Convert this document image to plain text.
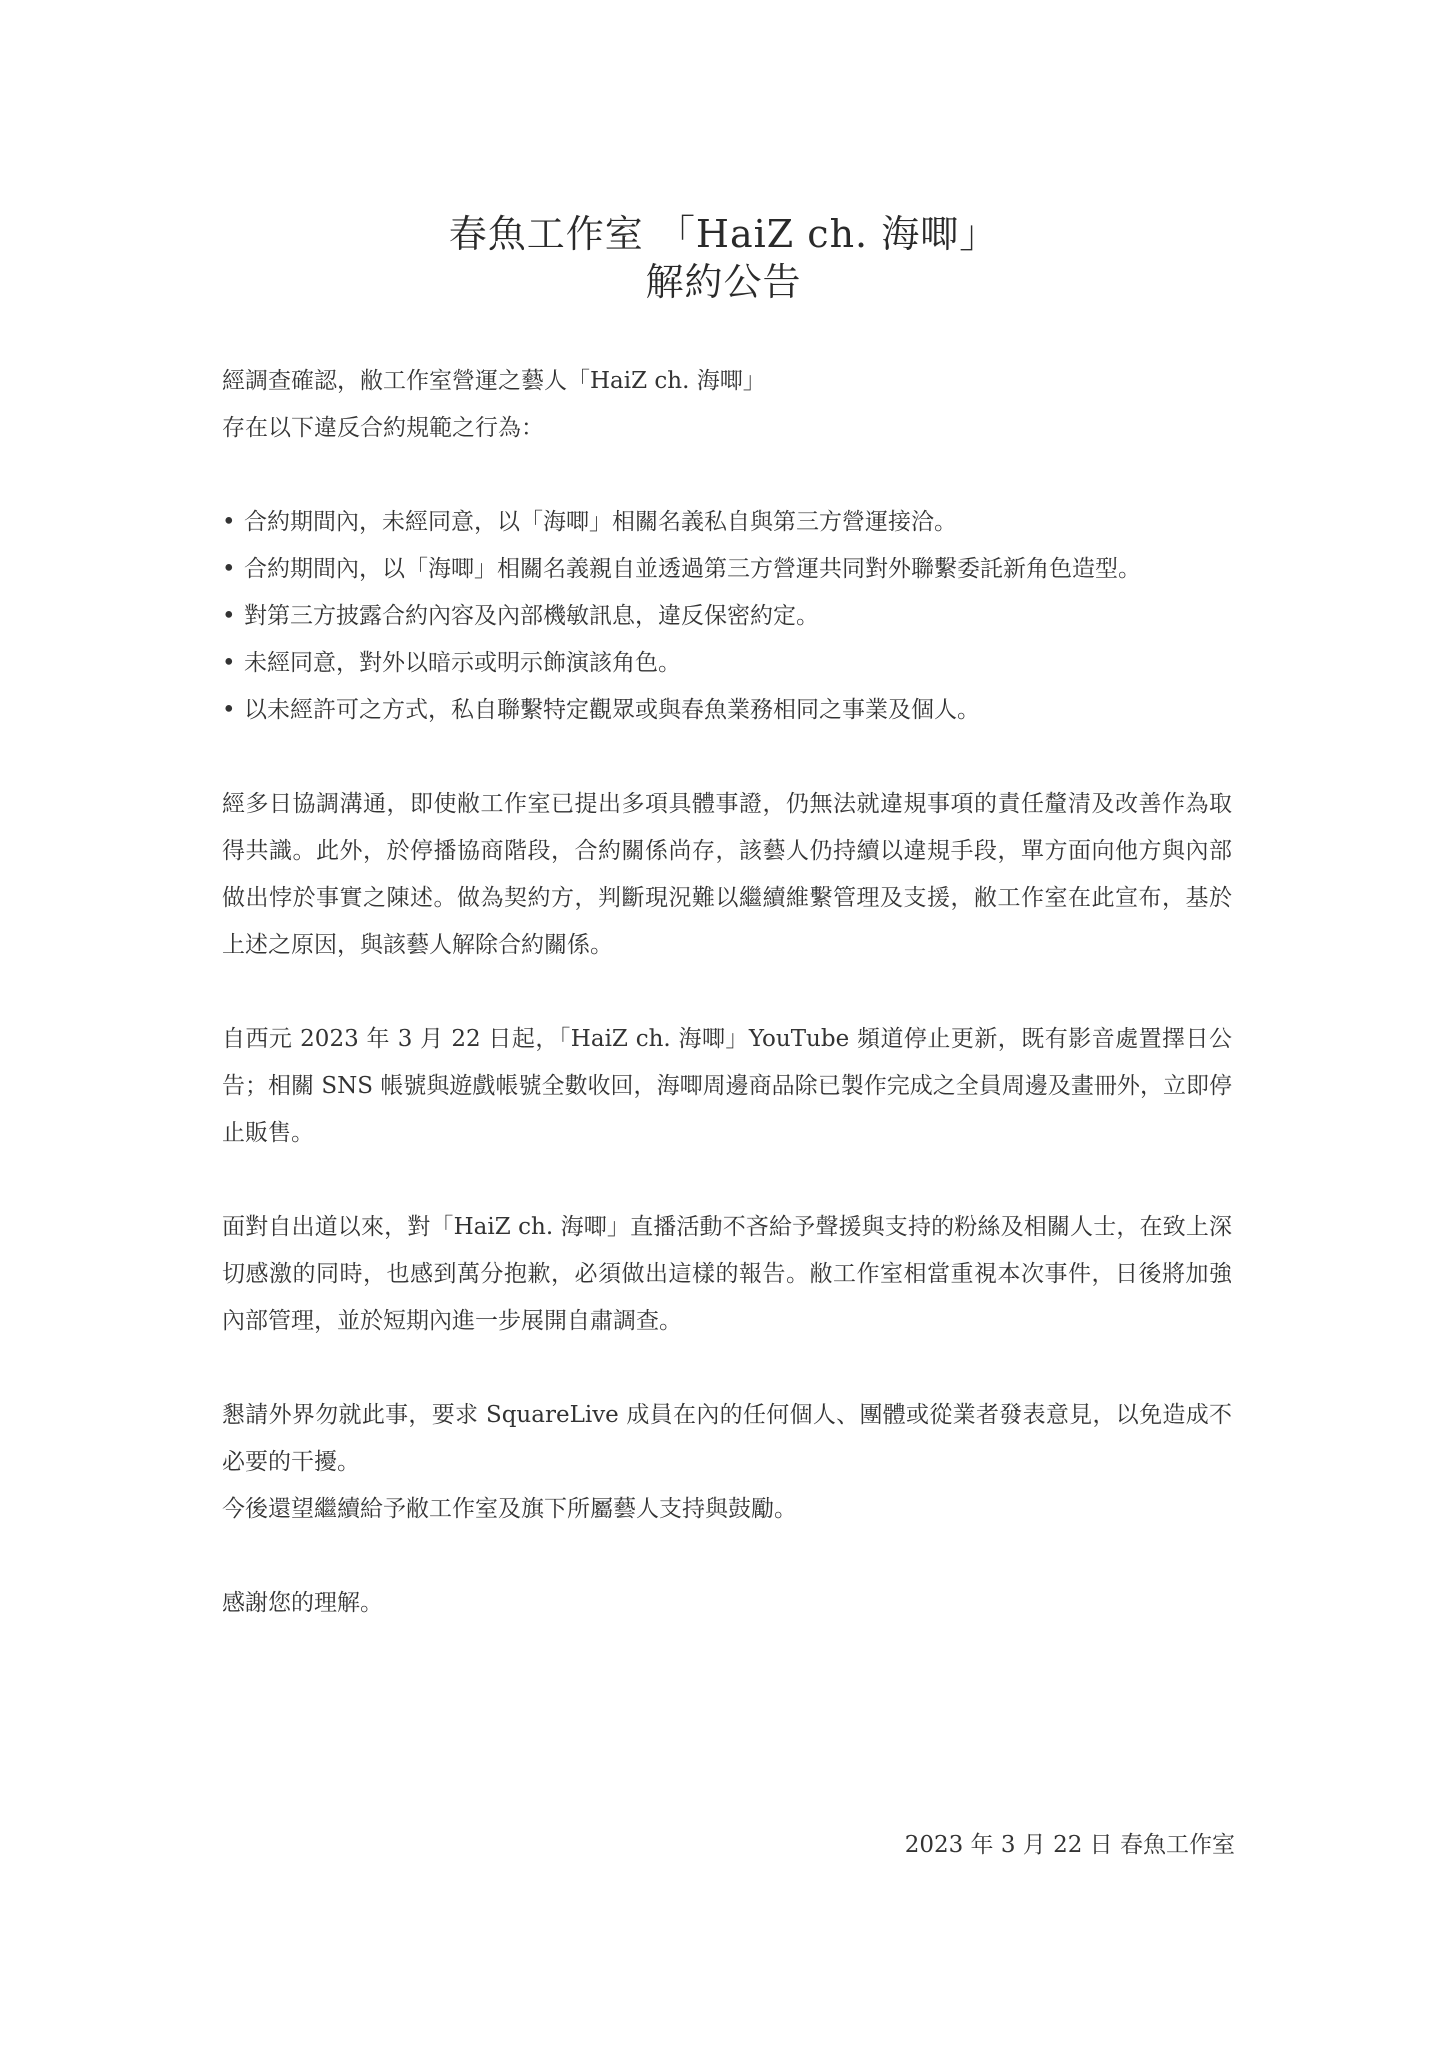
春魚工作室 「HaiZ ch. 海唧」
解約公告

經調查確認，敝工作室營運之藝人「HaiZ ch. 海唧」

存在以下違反合約規範之行為：

• 合約期間內，未經同意，以「海唧」相關名義私自與第三方營運接洽。
• 合約期間內，以「海唧」相關名義親自並透過第三方營運共同對外聯繫委託新角色造型。
• 對第三方披露合約內容及內部機敏訊息，違反保密約定。
• 未經同意，對外以暗示或明示飾演該角色。
• 以未經許可之方式，私自聯繫特定觀眾或與春魚業務相同之事業及個人。

經多日協調溝通，即使敝工作室已提出多項具體事證，仍無法就違規事項的責任釐清及改善作為取得共識。此外，於停播協商階段，合約關係尚存，該藝人仍持續以違規手段，單方面向他方與內部做出悖於事實之陳述。做為契約方，判斷現況難以繼續維繫管理及支援，敝工作室在此宣布，基於上述之原因，與該藝人解除合約關係。

自西元 2023 年 3 月 22 日起，「HaiZ ch. 海唧」YouTube 頻道停止更新，既有影音處置擇日公告；相關 SNS 帳號與遊戲帳號全數收回，海唧周邊商品除已製作完成之全員周邊及畫冊外，立即停止販售。

面對自出道以來，對「HaiZ ch. 海唧」直播活動不吝給予聲援與支持的粉絲及相關人士，在致上深切感激的同時，也感到萬分抱歉，必須做出這樣的報告。敝工作室相當重視本次事件，日後將加強內部管理，並於短期內進一步展開自肅調查。

懇請外界勿就此事，要求 SquareLive 成員在內的任何個人、團體或從業者發表意見，以免造成不必要的干擾。

今後還望繼續給予敝工作室及旗下所屬藝人支持與鼓勵。

感謝您的理解。

2023 年 3 月 22 日 春魚工作室
